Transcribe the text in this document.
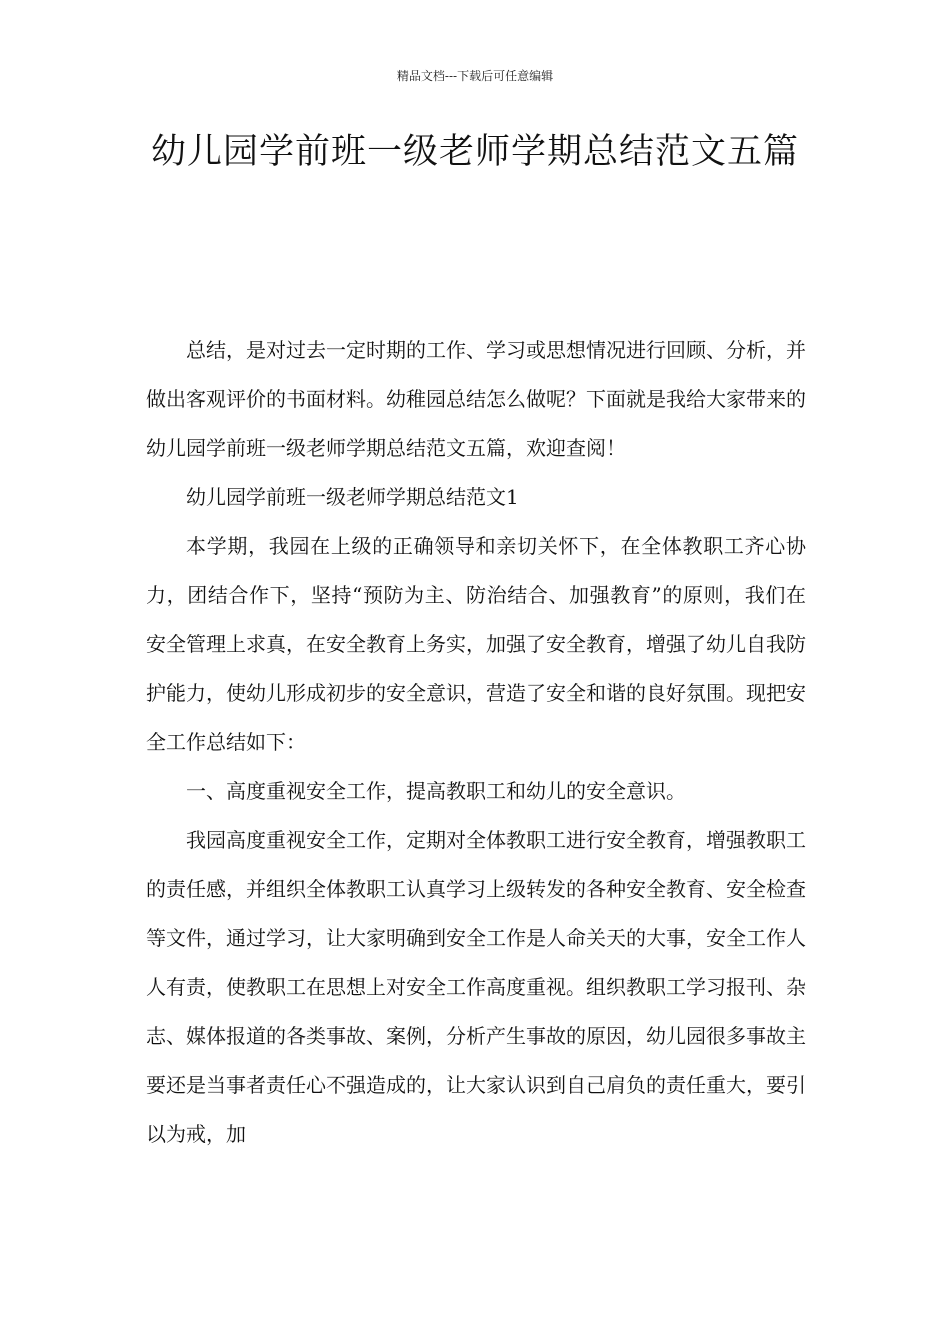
精品文档---下载后可任意编辑
幼儿园学前班一级老师学期总结范文五篇

总结，是对过去一定时期的工作、学习或思想情况进行回顾、分析，并做出客观评价的书面材料。幼稚园总结怎么做呢？下面就是我给大家带来的幼儿园学前班一级老师学期总结范文五篇，欢迎查阅！

幼儿园学前班一级老师学期总结范文1

本学期，我园在上级的正确领导和亲切关怀下，在全体教职工齐心协力，团结合作下，坚持“预防为主、防治结合、加强教育”的原则，我们在安全管理上求真，在安全教育上务实，加强了安全教育，增强了幼儿自我防护能力，使幼儿形成初步的安全意识，营造了安全和谐的良好氛围。现把安全工作总结如下：

一、高度重视安全工作，提高教职工和幼儿的安全意识。

我园高度重视安全工作，定期对全体教职工进行安全教育，增强教职工的责任感，并组织全体教职工认真学习上级转发的各种安全教育、安全检查等文件，通过学习，让大家明确到安全工作是人命关天的大事，安全工作人人有责，使教职工在思想上对安全工作高度重视。组织教职工学习报刊、杂志、媒体报道的各类事故、案例，分析产生事故的原因，幼儿园很多事故主要还是当事者责任心不强造成的，让大家认识到自己肩负的责任重大，要引以为戒，加
